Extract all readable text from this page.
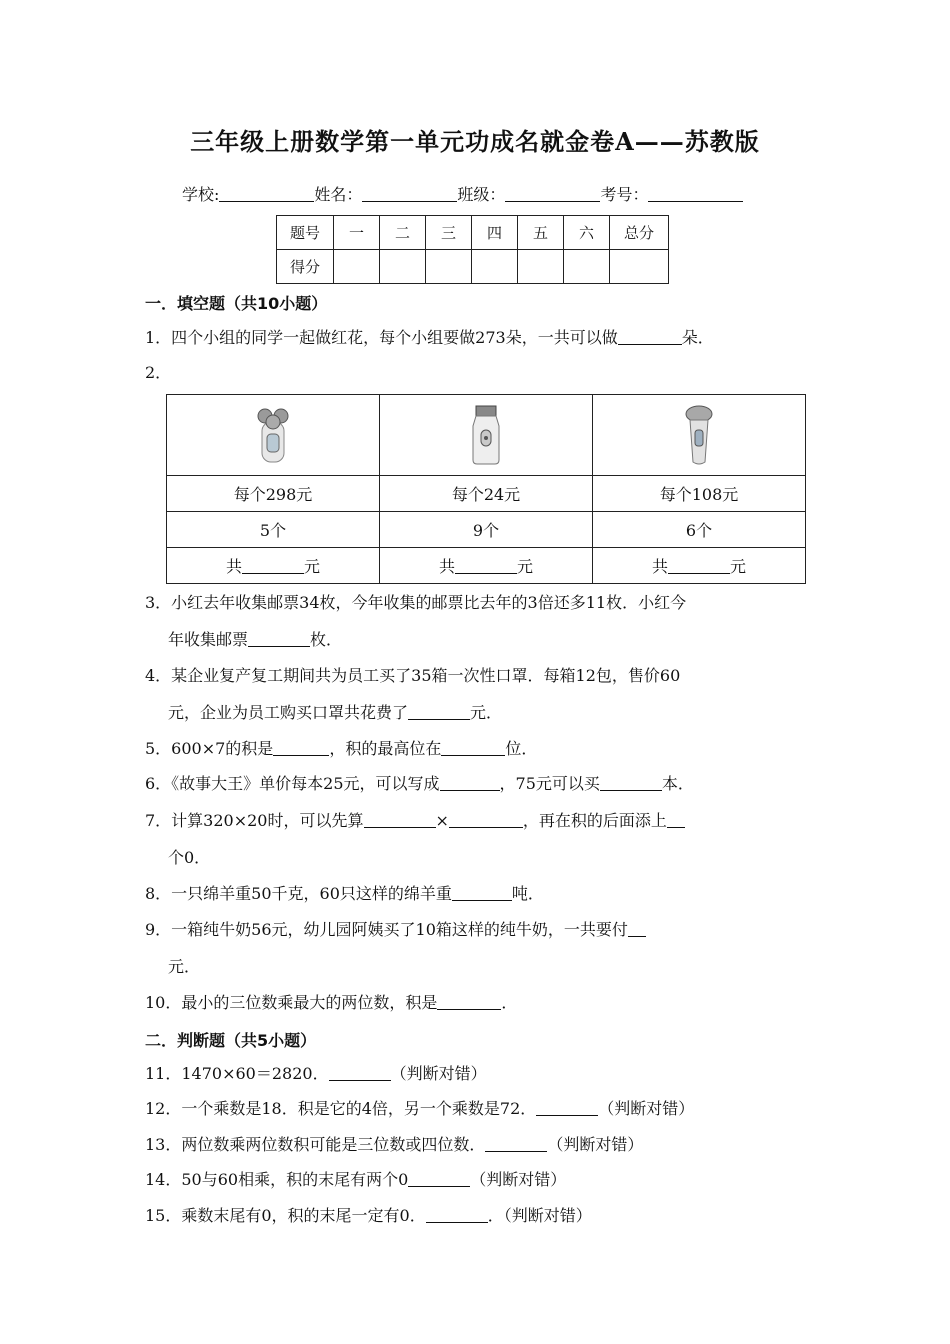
三年级上册数学第一单元功成名就金卷A——苏教版
学校:	姓名：	班级：	考号：
题号	一	二	三	四	五	六	总分
得分							
一．填空题（共10小题）
1．四个小组的同学一起做红花，每个小组要做273朵，一共可以做	朵．
2．

每个298元	每个24元	每个108元
5个	9个	6个
共 元	共 元	共 元
3．小红去年收集邮票34枚，今年收集的邮票比去年的3倍还多11枚．小红今
年收集邮票	枚．
4．某企业复产复工期间共为员工买了35箱一次性口罩．每箱12包，售价60
元，企业为员工购买口罩共花费了	元．
5．600×7的积是	，积的最高位在	位．
6．《故事大王》单价每本25元，可以写成	，75元可以买	本．
7．计算320×20时，可以先算	×	，再在积的后面添上
个0．
8．一只绵羊重50千克，60只这样的绵羊重	吨．
9．一箱纯牛奶56元，幼儿园阿姨买了10箱这样的纯牛奶，一共要付
元．
10．最小的三位数乘最大的两位数，积是	．
二．判断题（共5小题）
11．1470×60＝2820．	（判断对错）
12．一个乘数是18．积是它的4倍，另一个乘数是72．	（判断对错）
13．两位数乘两位数积可能是三位数或四位数．	（判断对错）
14．50与60相乘，积的末尾有两个0	（判断对错）
15．乘数末尾有0，积的末尾一定有0．	．（判断对错）
